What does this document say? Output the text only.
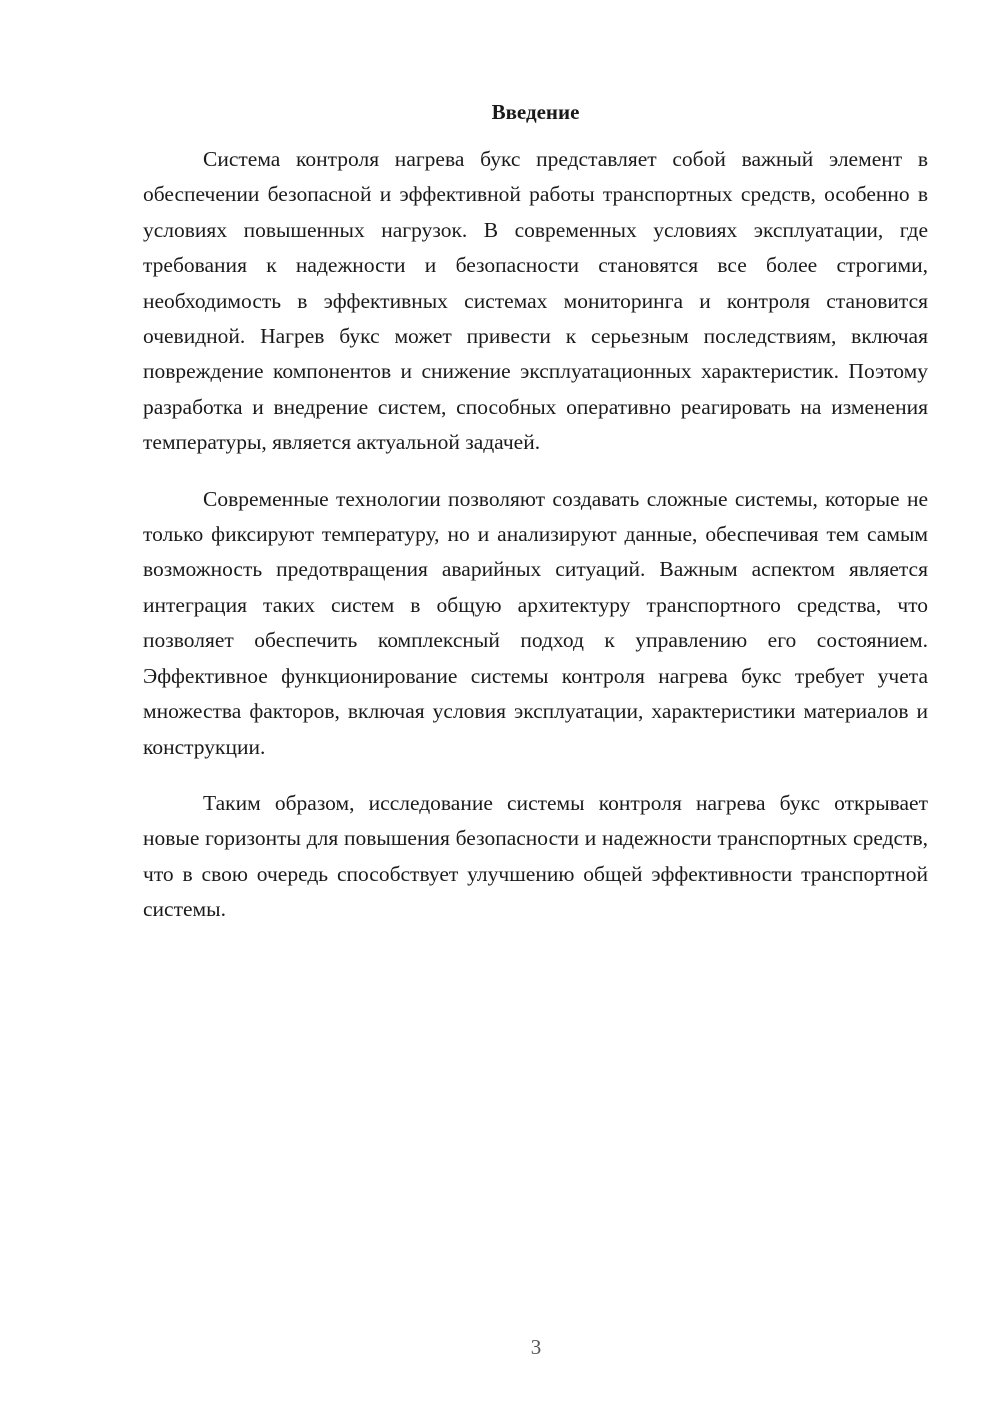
Введение

Система контроля нагрева букс представляет собой важный элемент в обеспечении безопасной и эффективной работы транспортных средств, особенно в условиях повышенных нагрузок. В современных условиях эксплуатации, где требования к надежности и безопасности становятся все более строгими, необходимость в эффективных системах мониторинга и контроля становится очевидной. Нагрев букс может привести к серьезным последствиям, включая повреждение компонентов и снижение эксплуатационных характеристик. Поэтому разработка и внедрение систем, способных оперативно реагировать на изменения температуры, является актуальной задачей.

Современные технологии позволяют создавать сложные системы, которые не только фиксируют температуру, но и анализируют данные, обеспечивая тем самым возможность предотвращения аварийных ситуаций. Важным аспектом является интеграция таких систем в общую архитектуру транспортного средства, что позволяет обеспечить комплексный подход к управлению его состоянием. Эффективное функционирование системы контроля нагрева букс требует учета множества факторов, включая условия эксплуатации, характеристики материалов и конструкции.

Таким образом, исследование системы контроля нагрева букс открывает новые горизонты для повышения безопасности и надежности транспортных средств, что в свою очередь способствует улучшению общей эффективности транспортной системы.

3
